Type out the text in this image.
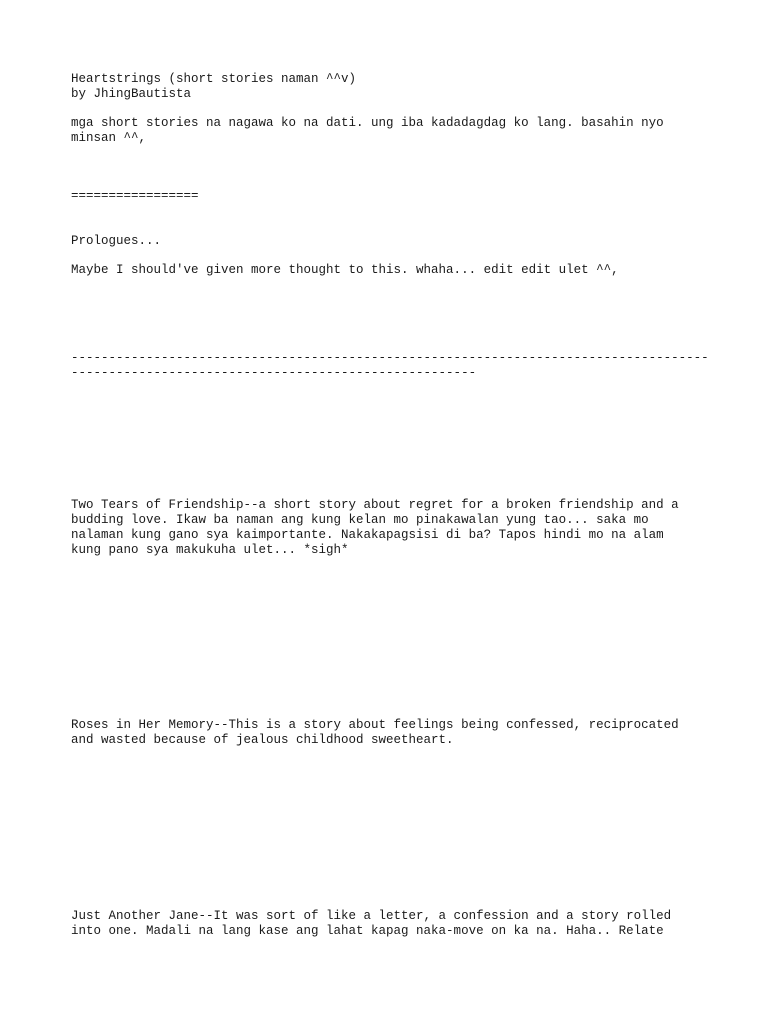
Heartstrings (short stories naman ^^v)
by JhingBautista
mga short stories na nagawa ko na dati. ung iba kadadagdag ko lang. basahin nyo
minsan ^^,
=================
Prologues...
Maybe I should've given more thought to this. whaha... edit edit ulet ^^,
-------------------------------------------------------------------------------------
------------------------------------------------------
Two Tears of Friendship--a short story about regret for a broken friendship and a
budding love. Ikaw ba naman ang kung kelan mo pinakawalan yung tao... saka mo
nalaman kung gano sya kaimportante. Nakakapagsisi di ba? Tapos hindi mo na alam
kung pano sya makukuha ulet... *sigh*
Roses in Her Memory--This is a story about feelings being confessed, reciprocated
and wasted because of jealous childhood sweetheart.
Just Another Jane--It was sort of like a letter, a confession and a story rolled
into one. Madali na lang kase ang lahat kapag naka-move on ka na. Haha.. Relate
